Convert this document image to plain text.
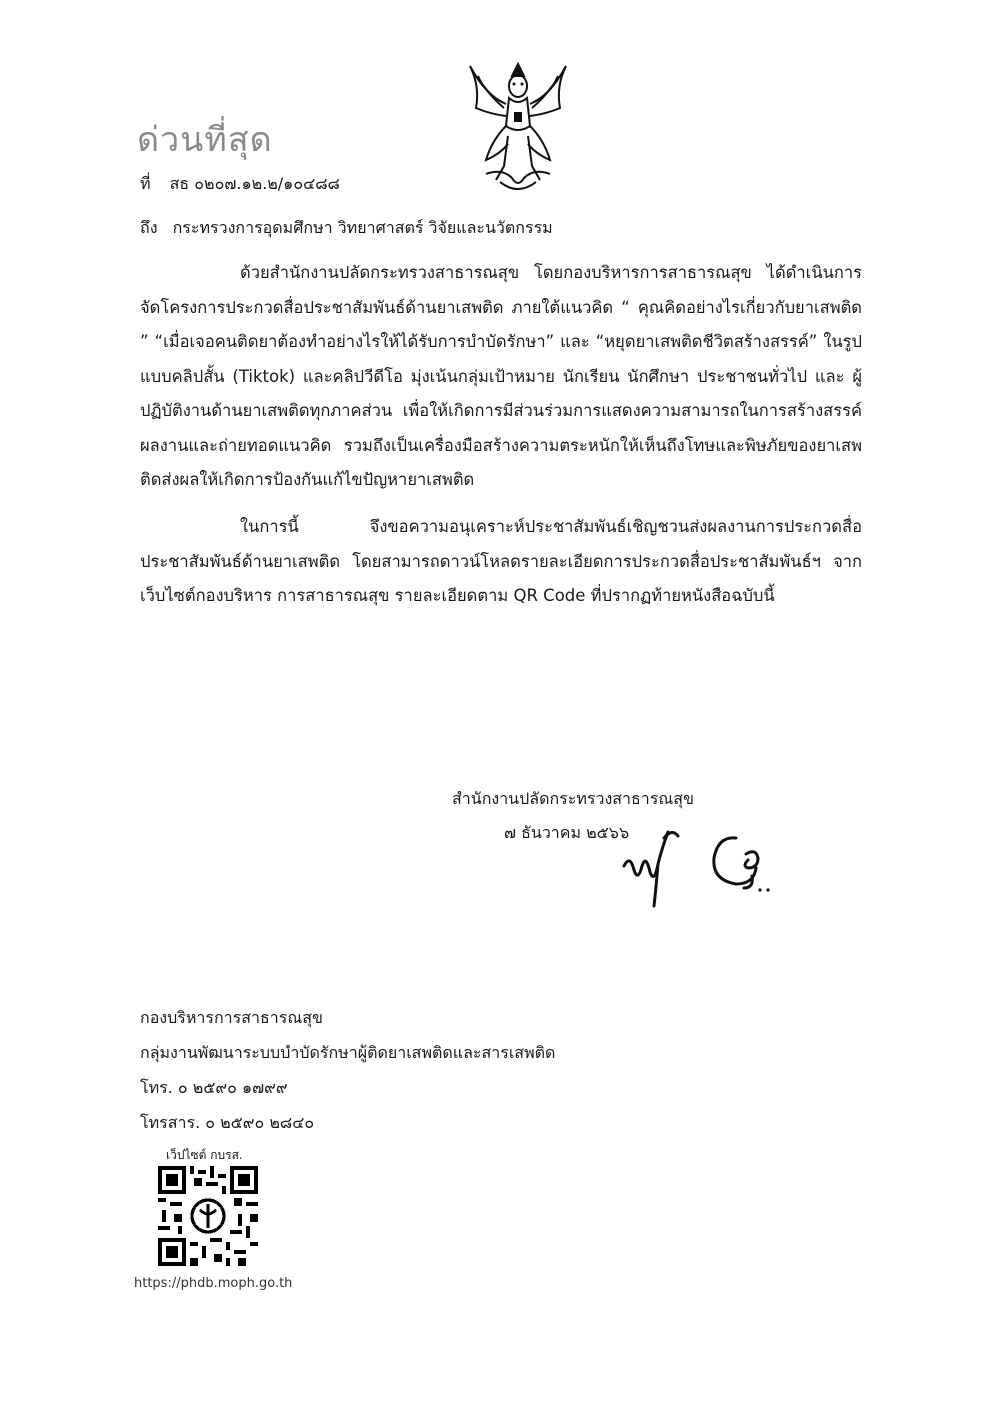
ด่วนที่สุด
ที่ สธ ๐๒๐๗.๑๒.๒/๑๐๔๘๘
ถึง กระทรวงการอุดมศึกษา วิทยาศาสตร์ วิจัยและนวัตกรรม
ด้วยสำนักงานปลัดกระทรวงสาธารณสุข โดยกองบริหารการสาธารณสุข ได้ดำเนินการจัดโครงการประกวดสื่อประชาสัมพันธ์ด้านยาเสพติด ภายใต้แนวคิด “ คุณคิดอย่างไรเกี่ยวกับยาเสพติด ” “เมื่อเจอคนติดยาต้องทำอย่างไรให้ได้รับการบำบัดรักษา” และ “หยุดยาเสพติดชีวิตสร้างสรรค์” ในรูปแบบคลิปสั้น (Tiktok) และคลิปวีดีโอ มุ่งเน้นกลุ่มเป้าหมาย นักเรียน นักศึกษา ประชาชนทั่วไป และ ผู้ปฏิบัติงานด้านยาเสพติดทุกภาคส่วน เพื่อให้เกิดการมีส่วนร่วมการแสดงความสามารถในการสร้างสรรค์ผลงานและถ่ายทอดแนวคิด รวมถึงเป็นเครื่องมือสร้างความตระหนักให้เห็นถึงโทษและพิษภัยของยาเสพติดส่งผลให้เกิดการป้องกันแก้ไขปัญหายาเสพติด
ในการนี้ จึงขอความอนุเคราะห์ประชาสัมพันธ์เชิญชวนส่งผลงานการประกวดสื่อประชาสัมพันธ์ด้านยาเสพติด โดยสามารถดาวน์โหลดรายละเอียดการประกวดสื่อประชาสัมพันธ์ฯ จาก เว็บไซต์กองบริหาร การสาธารณสุข รายละเอียดตาม QR Code ที่ปรากฏท้ายหนังสือฉบับนี้
สำนักงานปลัดกระทรวงสาธารณสุข
๗ ธันวาคม ๒๕๖๖
กองบริหารการสาธารณสุข
กลุ่มงานพัฒนาระบบบำบัดรักษาผู้ติดยาเสพติดและสารเสพติด
โทร. ๐ ๒๕๙๐ ๑๗๙๙
โทรสาร. ๐ ๒๕๙๐ ๒๘๔๐
เว็ปไซต์ กบรส.
https://phdb.moph.go.th
